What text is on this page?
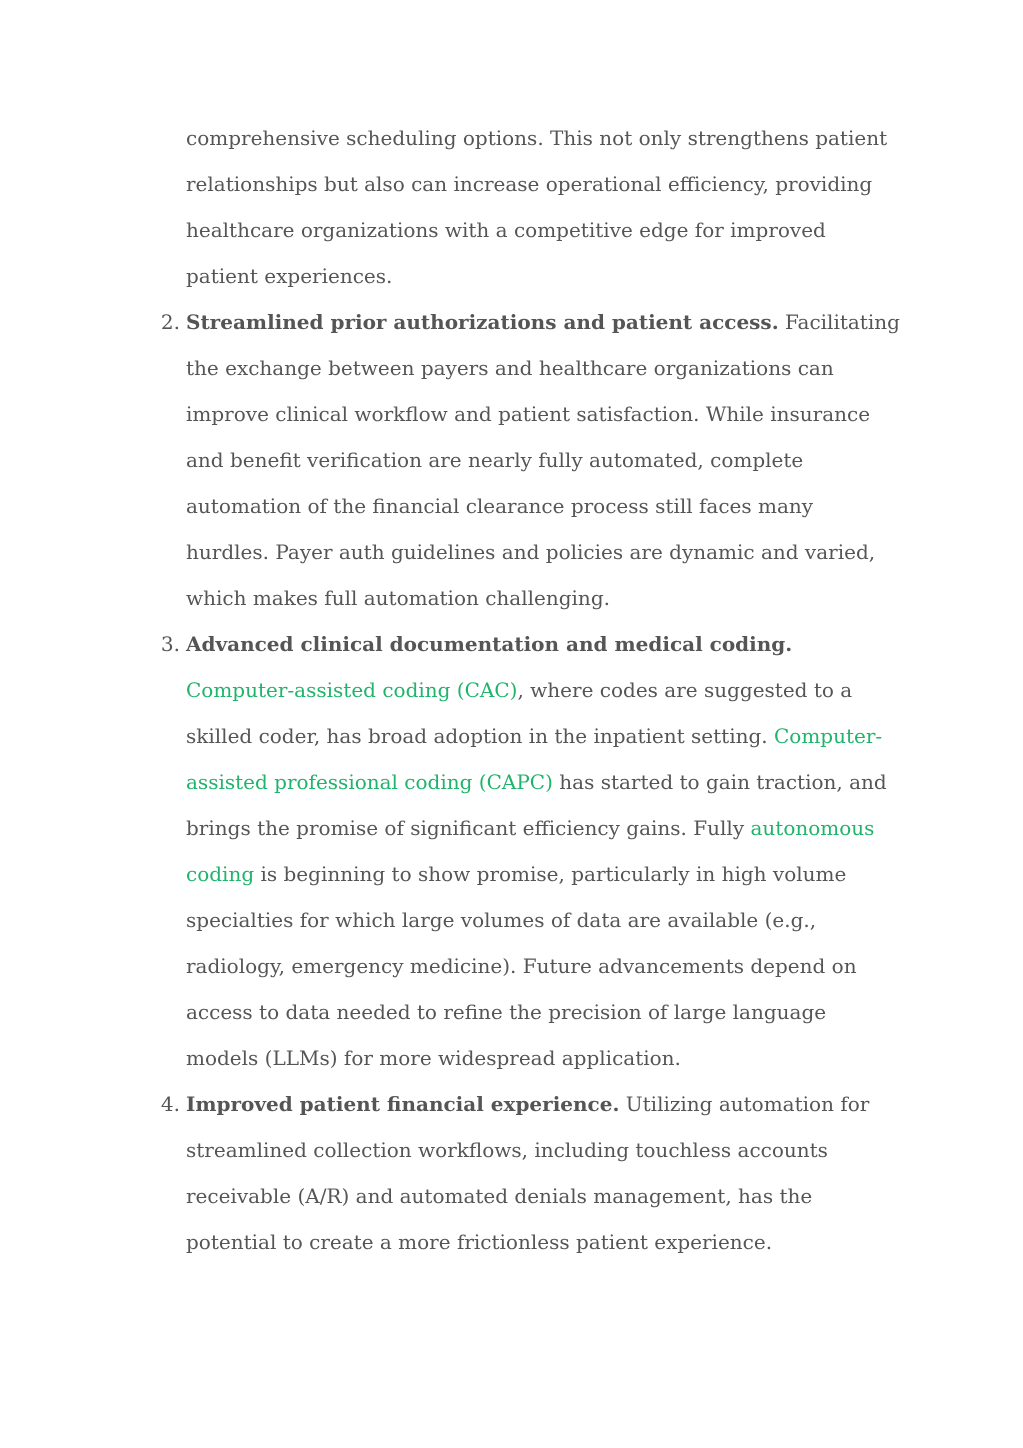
comprehensive scheduling options. This not only strengthens patient relationships but also can increase operational efficiency, providing healthcare organizations with a competitive edge for improved patient experiences.
2. Streamlined prior authorizations and patient access. Facilitating the exchange between payers and healthcare organizations can improve clinical workflow and patient satisfaction. While insurance and benefit verification are nearly fully automated, complete automation of the financial clearance process still faces many hurdles. Payer auth guidelines and policies are dynamic and varied, which makes full automation challenging.
3. Advanced clinical documentation and medical coding. Computer-assisted coding (CAC), where codes are suggested to a skilled coder, has broad adoption in the inpatient setting. Computer-assisted professional coding (CAPC) has started to gain traction, and brings the promise of significant efficiency gains. Fully autonomous coding is beginning to show promise, particularly in high volume specialties for which large volumes of data are available (e.g., radiology, emergency medicine). Future advancements depend on access to data needed to refine the precision of large language models (LLMs) for more widespread application.
4. Improved patient financial experience. Utilizing automation for streamlined collection workflows, including touchless accounts receivable (A/R) and automated denials management, has the potential to create a more frictionless patient experience.
